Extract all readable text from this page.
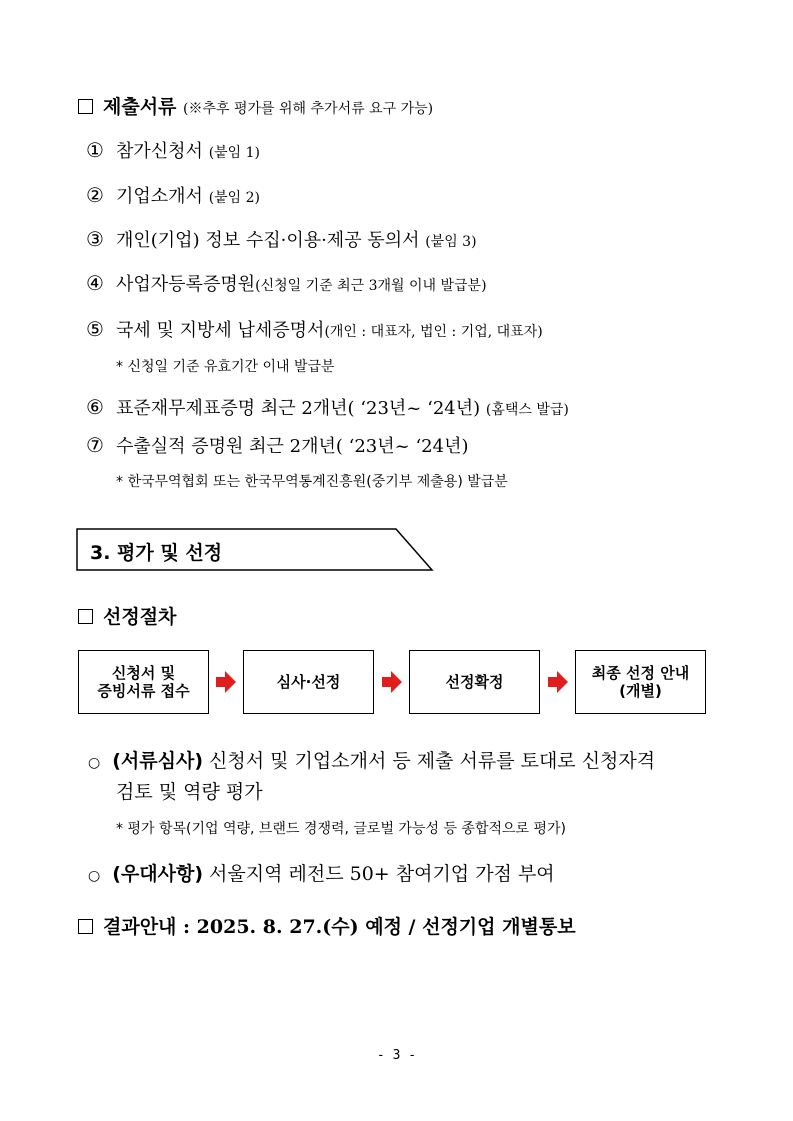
제출서류 (※추후 평가를 위해 추가서류 요구 가능)
① 참가신청서 (붙임 1)
② 기업소개서 (붙임 2)
③ 개인(기업) 정보 수집·이용·제공 동의서 (붙임 3)
④ 사업자등록증명원(신청일 기준 최근 3개월 이내 발급분)
⑤ 국세 및 지방세 납세증명서(개인 : 대표자, 법인 : 기업, 대표자)
* 신청일 기준 유효기간 이내 발급분
⑥ 표준재무제표증명 최근 2개년( ‘23년~ ‘24년) (홈택스 발급)
⑦ 수출실적 증명원 최근 2개년( ‘23년~ ‘24년)
* 한국무역협회 또는 한국무역통계진흥원(중기부 제출용) 발급분
3. 평가 및 선정
선정절차
신청서 및
증빙서류 접수	심사·선정	선정확정	최종 선정 안내
(개별)
○ (서류심사) 신청서 및 기업소개서 등 제출 서류를 토대로 신청자격
검토 및 역량 평가
* 평가 항목(기업 역량, 브랜드 경쟁력, 글로벌 가능성 등 종합적으로 평가)
○ (우대사항) 서울지역 레전드 50+ 참여기업 가점 부여
결과안내 : 2025. 8. 27.(수) 예정 / 선정기업 개별통보
- 3 -
